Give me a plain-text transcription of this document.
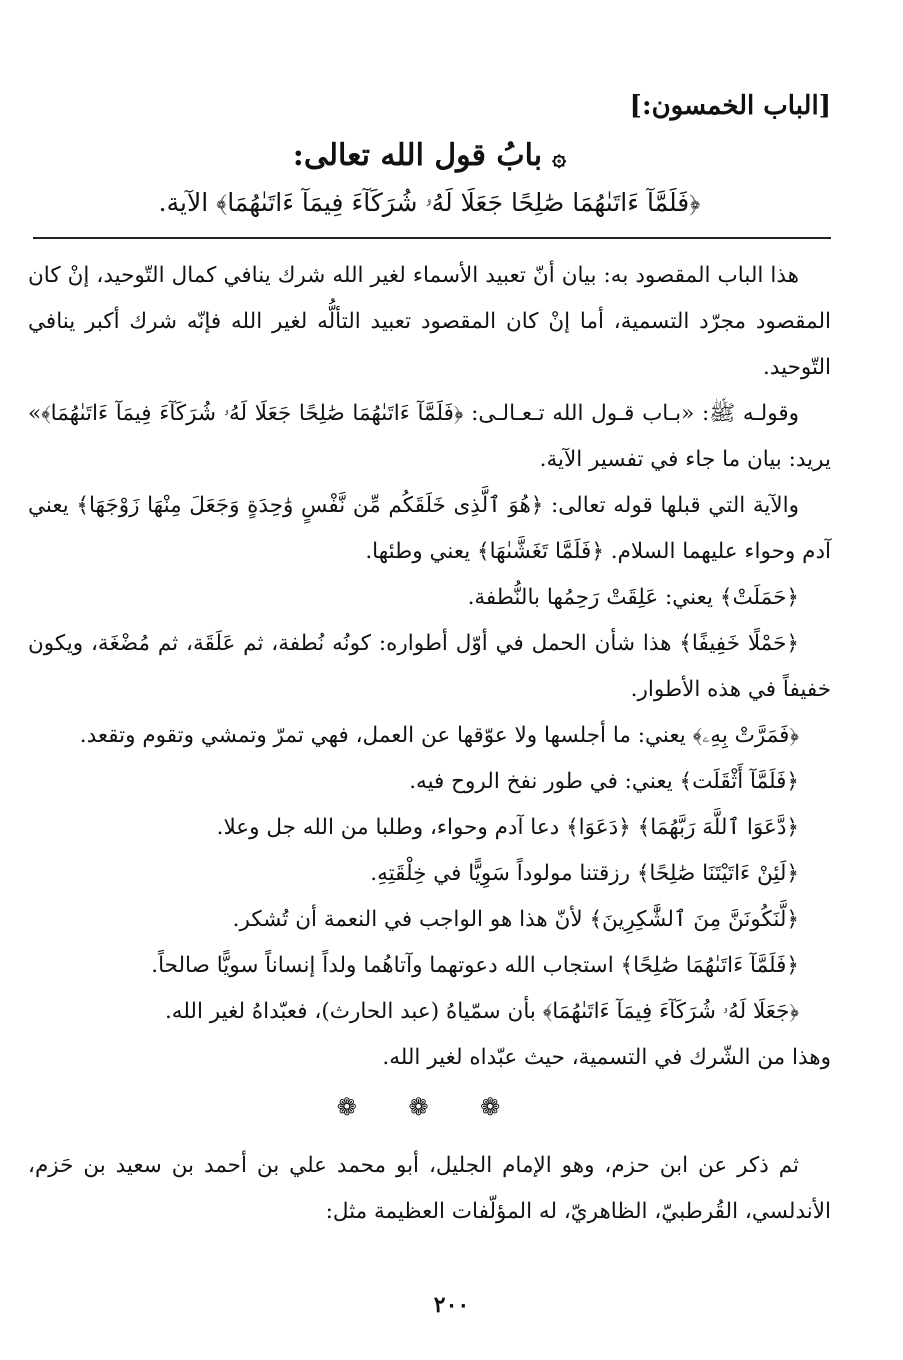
[الباب الخمسون:]

۞بابُ قول الله تعالى:

﴿فَلَمَّآ ءَاتَىٰهُمَا صَٰلِحًا جَعَلَا لَهُۥ شُرَكَآءَ فِيمَآ ءَاتَىٰهُمَا﴾ الآية.

هذا الباب المقصود به: بيان أنّ تعبيد الأسماء لغير الله شرك ينافي كمال التّوحيد، إنْ كان المقصود مجرّد التسمية، أما إنْ كان المقصود تعبيد التألُّه لغير الله فإنّه شرك أكبر ينافي التّوحيد.

وقولـه ﷺ: «بـاب قـول الله تـعـالـى: ﴿فَلَمَّآ ءَاتَىٰهُمَا صَٰلِحًا جَعَلَا لَهُۥ شُرَكَآءَ فِيمَآ ءَاتَىٰهُمَا﴾» يريد: بيان ما جاء في تفسير الآية.

والآية التي قبلها قوله تعالى: ﴿هُوَ ٱلَّذِى خَلَقَكُم مِّن نَّفْسٍ وَٰحِدَةٍ وَجَعَلَ مِنْهَا زَوْجَهَا﴾ يعني آدم وحواء عليهما السلام. ﴿فَلَمَّا تَغَشَّىٰهَا﴾ يعني وطئها.

﴿حَمَلَتْ﴾ يعني: عَلِقَتْ رَحِمُها بالنُّطفة.

﴿حَمْلًا خَفِيفًا﴾ هذا شأن الحمل في أوّل أطواره: كونُه نُطفة، ثم عَلَقَة، ثم مُضْغَة، ويكون خفيفاً في هذه الأطوار.

﴿فَمَرَّتْ بِهِۦ﴾ يعني: ما أجلسها ولا عوّقها عن العمل، فهي تمرّ وتمشي وتقوم وتقعد.

﴿فَلَمَّآ أَثْقَلَت﴾ يعني: في طور نفخ الروح فيه.

﴿دَّعَوَا ٱللَّهَ رَبَّهُمَا﴾ ﴿دَعَوَا﴾ دعا آدم وحواء، وطلبا من الله جل وعلا.

﴿لَئِنْ ءَاتَيْتَنَا صَٰلِحًا﴾ رزقتنا مولوداً سَوِيًّا في خِلْقَتِهِ.

﴿لَّنَكُونَنَّ مِنَ ٱلشَّٰكِرِينَ﴾ لأنّ هذا هو الواجب في النعمة أن تُشكر.

﴿فَلَمَّآ ءَاتَىٰهُمَا صَٰلِحًا﴾ استجاب الله دعوتهما وآتاهُما ولداً إنساناً سويًّا صالحاً.

﴿جَعَلَا لَهُۥ شُرَكَآءَ فِيمَآ ءَاتَىٰهُمَا﴾ بأن سمّياهُ (عبد الحارث)، فعبّداهُ لغير الله.

وهذا من الشّرك في التسمية، حيث عبّداه لغير الله.

❁ ❁ ❁

ثم ذكر عن ابن حزم، وهو الإمام الجليل، أبو محمد علي بن أحمد بن سعيد بن حَزم، الأندلسي، القُرطبيّ، الظاهريّ، له المؤلّفات العظيمة مثل:

٢٠٠
